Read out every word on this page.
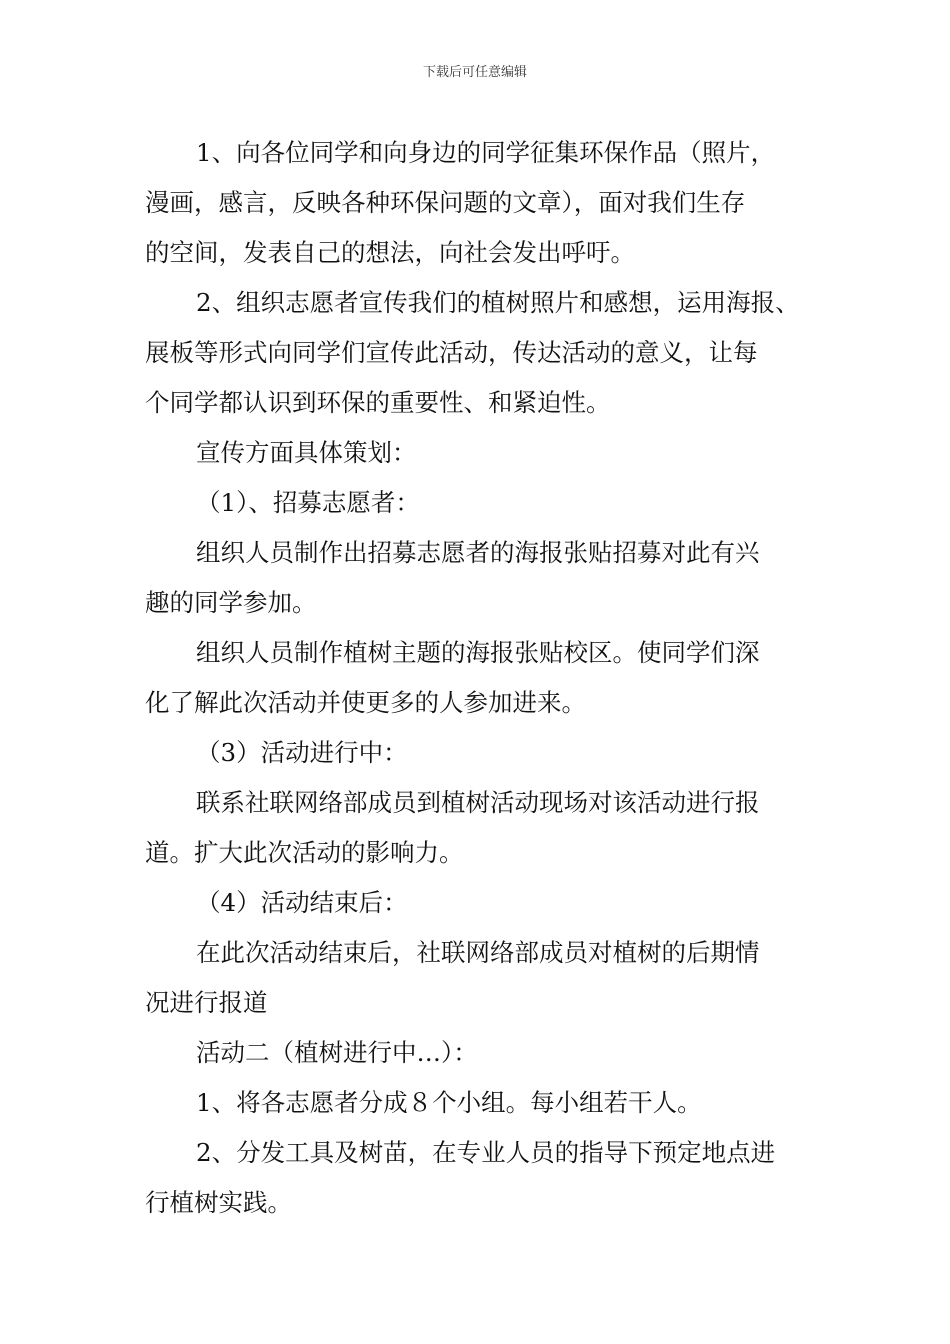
下载后可任意编辑

1、向各位同学和向身边的同学征集环保作品（照片，
漫画，感言，反映各种环保问题的文章），面对我们生存
的空间，发表自己的想法，向社会发出呼吁。

2、组织志愿者宣传我们的植树照片和感想，运用海报、
展板等形式向同学们宣传此活动，传达活动的意义，让每
个同学都认识到环保的重要性、和紧迫性。

宣传方面具体策划：

（1）、招募志愿者：

组织人员制作出招募志愿者的海报张贴招募对此有兴
趣的同学参加。

组织人员制作植树主题的海报张贴校区。使同学们深
化了解此次活动并使更多的人参加进来。

（3）活动进行中：

联系社联网络部成员到植树活动现场对该活动进行报
道。扩大此次活动的影响力。

（4）活动结束后：

在此次活动结束后，社联网络部成员对植树的后期情
况进行报道

活动二（植树进行中…）：

1、将各志愿者分成８个小组。每小组若干人。

2、分发工具及树苗，在专业人员的指导下预定地点进
行植树实践。
